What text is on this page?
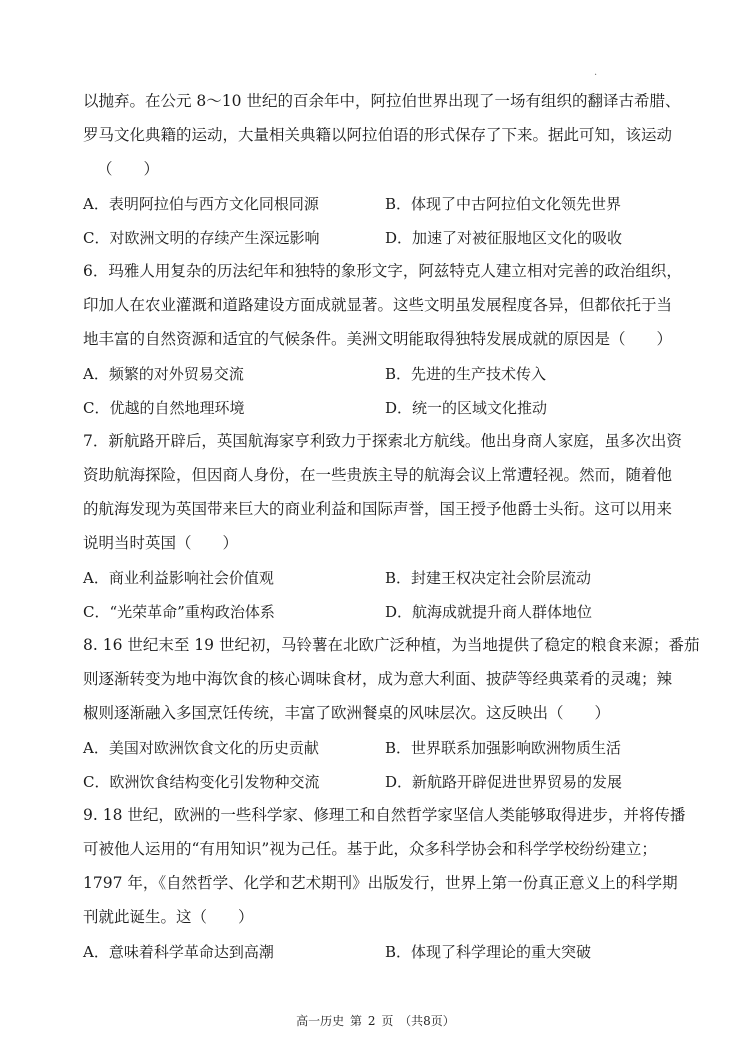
·

以抛弃。在公元 8～10 世纪的百余年中，阿拉伯世界出现了一场有组织的翻译古希腊、

罗马文化典籍的运动，大量相关典籍以阿拉伯语的形式保存了下来。据此可知，该运动

（　　）

A．表明阿拉伯与西方文化同根同源	B．体现了中古阿拉伯文化领先世界
C．对欧洲文明的存续产生深远影响	D．加速了对被征服地区文化的吸收

6．玛雅人用复杂的历法纪年和独特的象形文字，阿兹特克人建立相对完善的政治组织，

印加人在农业灌溉和道路建设方面成就显著。这些文明虽发展程度各异，但都依托于当

地丰富的自然资源和适宜的气候条件。美洲文明能取得独特发展成就的原因是（　　）

A．频繁的对外贸易交流	B．先进的生产技术传入
C．优越的自然地理环境	D．统一的区域文化推动

7．新航路开辟后，英国航海家亨利致力于探索北方航线。他出身商人家庭，虽多次出资

资助航海探险，但因商人身份，在一些贵族主导的航海会议上常遭轻视。然而，随着他

的航海发现为英国带来巨大的商业利益和国际声誉，国王授予他爵士头衔。这可以用来

说明当时英国（　　）

A．商业利益影响社会价值观	B．封建王权决定社会阶层流动
C．“光荣革命”重构政治体系	D．航海成就提升商人群体地位

8. 16 世纪末至 19 世纪初，马铃薯在北欧广泛种植，为当地提供了稳定的粮食来源；番茄

则逐渐转变为地中海饮食的核心调味食材，成为意大利面、披萨等经典菜肴的灵魂；辣

椒则逐渐融入多国烹饪传统，丰富了欧洲餐桌的风味层次。这反映出（　　）

A．美国对欧洲饮食文化的历史贡献	B．世界联系加强影响欧洲物质生活
C．欧洲饮食结构变化引发物种交流	D．新航路开辟促进世界贸易的发展

9. 18 世纪，欧洲的一些科学家、修理工和自然哲学家坚信人类能够取得进步，并将传播

可被他人运用的“有用知识”视为己任。基于此，众多科学协会和科学学校纷纷建立；

1797 年，《自然哲学、化学和艺术期刊》出版发行，世界上第一份真正意义上的科学期

刊就此诞生。这（　　）

A．意味着科学革命达到高潮	B．体现了科学理论的重大突破
高一历史 第 2 页 （共8页）
